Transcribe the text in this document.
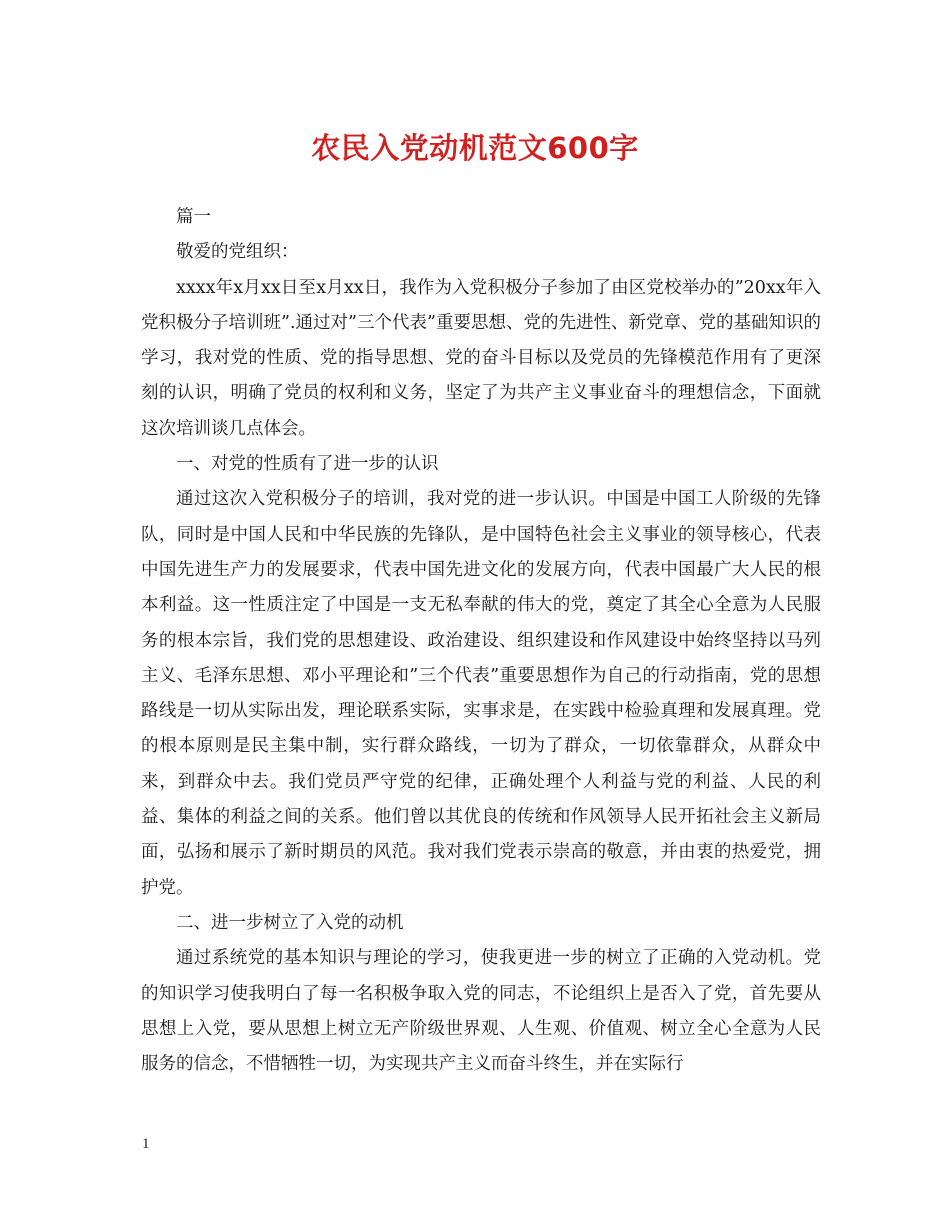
农民入党动机范文600字

篇一

敬爱的党组织：

xxxx年x月xx日至x月xx日，我作为入党积极分子参加了由区党校举办的”20xx年入党积极分子培训班”.通过对”三个代表”重要思想、党的先进性、新党章、党的基础知识的学习，我对党的性质、党的指导思想、党的奋斗目标以及党员的先锋模范作用有了更深刻的认识，明确了党员的权利和义务，坚定了为共产主义事业奋斗的理想信念，下面就这次培训谈几点体会。

一、对党的性质有了进一步的认识

通过这次入党积极分子的培训，我对党的进一步认识。中国是中国工人阶级的先锋队，同时是中国人民和中华民族的先锋队，是中国特色社会主义事业的领导核心，代表中国先进生产力的发展要求，代表中国先进文化的发展方向，代表中国最广大人民的根本利益。这一性质注定了中国是一支无私奉献的伟大的党，奠定了其全心全意为人民服务的根本宗旨，我们党的思想建设、政治建设、组织建设和作风建设中始终坚持以马列主义、毛泽东思想、邓小平理论和”三个代表”重要思想作为自己的行动指南，党的思想路线是一切从实际出发，理论联系实际，实事求是，在实践中检验真理和发展真理。党的根本原则是民主集中制，实行群众路线，一切为了群众，一切依靠群众，从群众中来，到群众中去。我们党员严守党的纪律，正确处理个人利益与党的利益、人民的利益、集体的利益之间的关系。他们曾以其优良的传统和作风领导人民开拓社会主义新局面，弘扬和展示了新时期员的风范。我对我们党表示崇高的敬意，并由衷的热爱党，拥护党。

二、进一步树立了入党的动机

通过系统党的基本知识与理论的学习，使我更进一步的树立了正确的入党动机。党的知识学习使我明白了每一名积极争取入党的同志，不论组织上是否入了党，首先要从思想上入党，要从思想上树立无产阶级世界观、人生观、价值观、树立全心全意为人民服务的信念，不惜牺牲一切，为实现共产主义而奋斗终生，并在实际行

1
